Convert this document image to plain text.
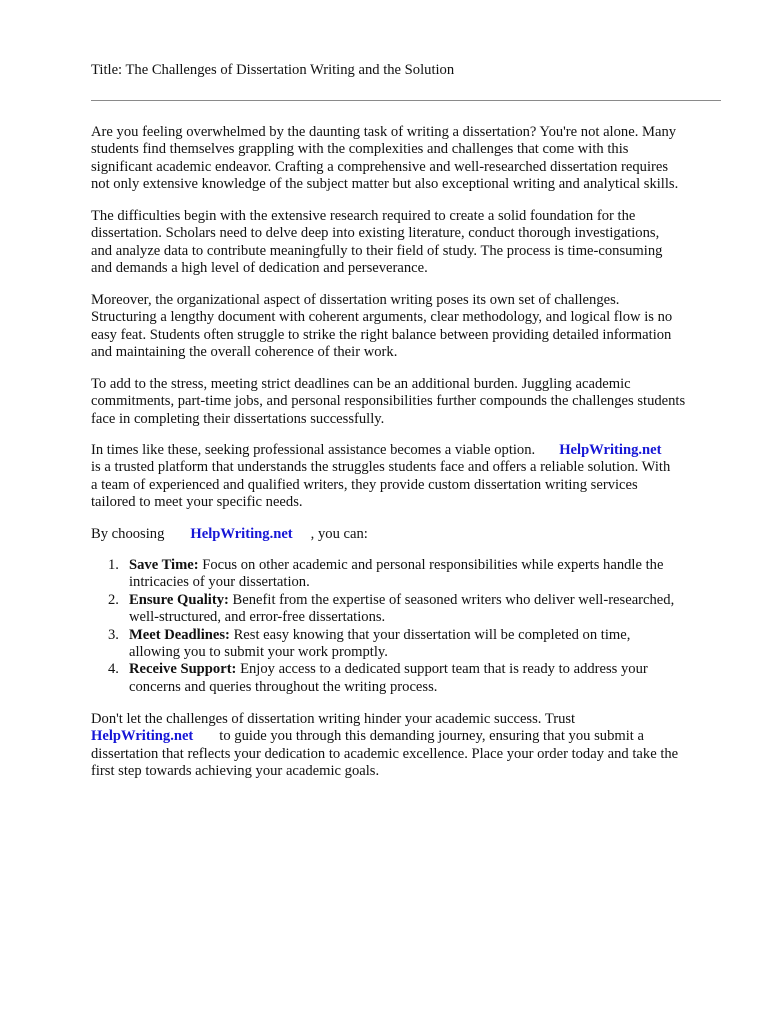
Title: The Challenges of Dissertation Writing and the Solution

Are you feeling overwhelmed by the daunting task of writing a dissertation? You're not alone. Many
students find themselves grappling with the complexities and challenges that come with this
significant academic endeavor. Crafting a comprehensive and well-researched dissertation requires
not only extensive knowledge of the subject matter but also exceptional writing and analytical skills.

The difficulties begin with the extensive research required to create a solid foundation for the
dissertation. Scholars need to delve deep into existing literature, conduct thorough investigations,
and analyze data to contribute meaningfully to their field of study. The process is time-consuming
and demands a high level of dedication and perseverance.

Moreover, the organizational aspect of dissertation writing poses its own set of challenges.
Structuring a lengthy document with coherent arguments, clear methodology, and logical flow is no
easy feat. Students often struggle to strike the right balance between providing detailed information
and maintaining the overall coherence of their work.

To add to the stress, meeting strict deadlines can be an additional burden. Juggling academic
commitments, part-time jobs, and personal responsibilities further compounds the challenges students
face in completing their dissertations successfully.

In times like these, seeking professional assistance becomes a viable option. HelpWriting.net
is a trusted platform that understands the struggles students face and offers a reliable solution. With
a team of experienced and qualified writers, they provide custom dissertation writing services
tailored to meet your specific needs.

By choosing HelpWriting.net , you can:

1. Save Time: Focus on other academic and personal responsibilities while experts handle the
intricacies of your dissertation.
2. Ensure Quality: Benefit from the expertise of seasoned writers who deliver well-researched,
well-structured, and error-free dissertations.
3. Meet Deadlines: Rest easy knowing that your dissertation will be completed on time,
allowing you to submit your work promptly.
4. Receive Support: Enjoy access to a dedicated support team that is ready to address your
concerns and queries throughout the writing process.

Don't let the challenges of dissertation writing hinder your academic success. Trust
HelpWriting.net to guide you through this demanding journey, ensuring that you submit a
dissertation that reflects your dedication to academic excellence. Place your order today and take the
first step towards achieving your academic goals.
